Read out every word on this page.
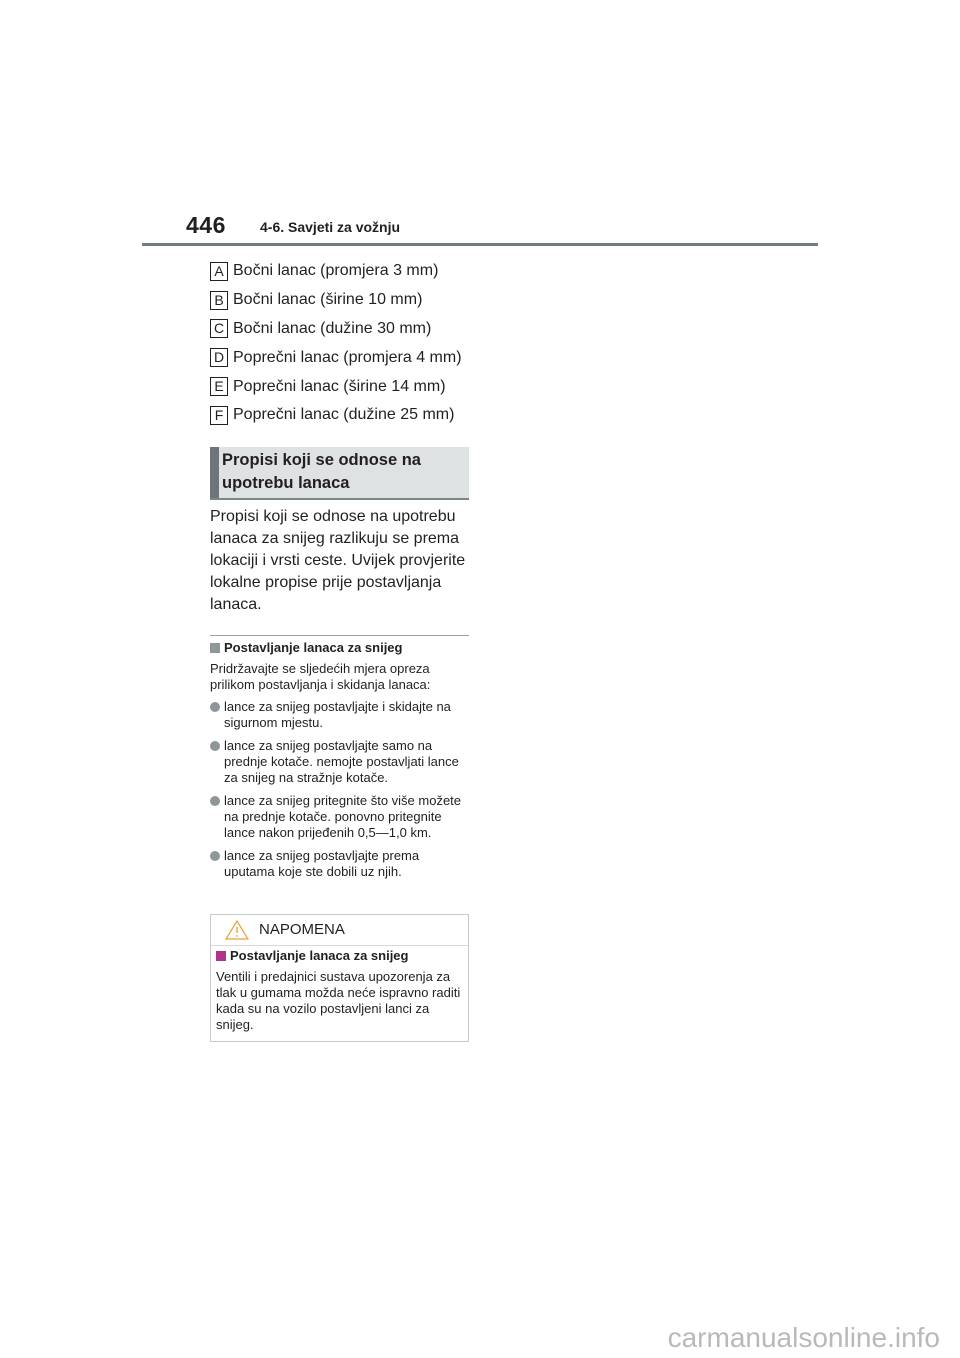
446 4-6. Savjeti za vožnju
A Bočni lanac (promjera 3 mm)
B Bočni lanac (širine 10 mm)
C Bočni lanac (dužine 30 mm)
D Poprečni lanac (promjera 4 mm)
E Poprečni lanac (širine 14 mm)
F Poprečni lanac (dužine 25 mm)
Propisi koji se odnose na upotrebu lanaca

Propisi koji se odnose na upotrebu lanaca za snijeg razlikuju se prema lokaciji i vrsti ceste. Uvijek provjerite lokalne propise prije postavljanja lanaca.

Postavljanje lanaca za snijeg

Pridržavajte se sljedećih mjera opreza prilikom postavljanja i skidanja lanaca:

lance za snijeg postavljajte i skidajte na sigurnom mjestu.
lance za snijeg postavljajte samo na prednje kotače. nemojte postavljati lance za snijeg na stražnje kotače.
lance za snijeg pritegnite što više možete na prednje kotače. ponovno pritegnite lance nakon prijeđenih 0,5—1,0 km.
lance za snijeg postavljajte prema uputama koje ste dobili uz njih.
NAPOMENA
Postavljanje lanaca za snijeg

Ventili i predajnici sustava upozorenja za tlak u gumama možda neće ispravno raditi kada su na vozilo postavljeni lanci za snijeg.

carmanualsonline.info
